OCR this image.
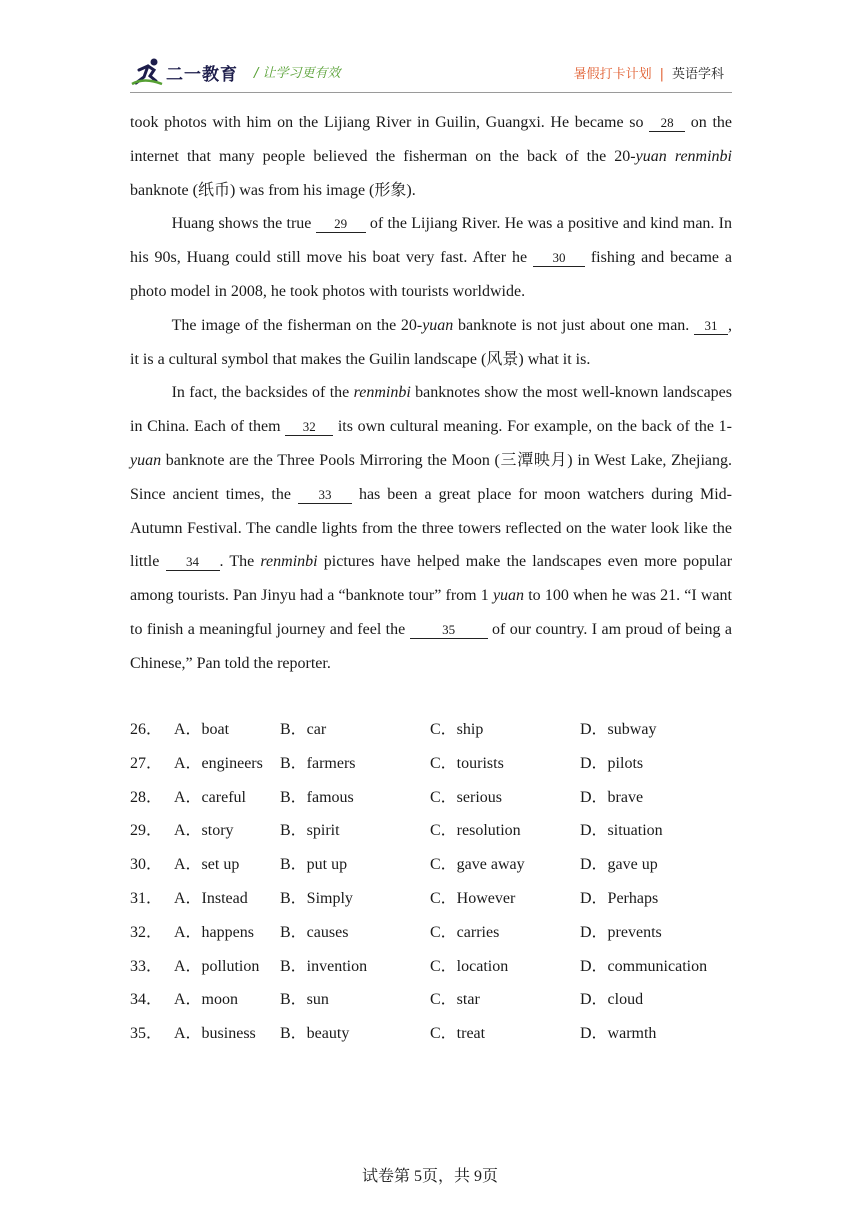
二一教育 / 让学习更有效	暑假打卡计划 | 英语学科

took photos with him on the Lijiang River in Guilin, Guangxi. He became so 28 on the internet that many people believed the fisherman on the back of the 20-yuan renminbi banknote (纸币) was from his image (形象).

Huang shows the true 29 of the Lijiang River. He was a positive and kind man. In his 90s, Huang could still move his boat very fast. After he 30 fishing and became a photo model in 2008, he took photos with tourists worldwide.

The image of the fisherman on the 20-yuan banknote is not just about one man. 31 , it is a cultural symbol that makes the Guilin landscape (风景) what it is.

In fact, the backsides of the renminbi banknotes show the most well-known landscapes in China. Each of them 32 its own cultural meaning. For example, on the back of the 1-yuan banknote are the Three Pools Mirroring the Moon (三潭映月) in West Lake, Zhejiang. Since ancient times, the 33 has been a great place for moon watchers during Mid-Autumn Festival. The candle lights from the three towers reflected on the water look like the little 34 . The renminbi pictures have helped make the landscapes even more popular among tourists. Pan Jinyu had a “banknote tour” from 1 yuan to 100 when he was 21. “I want to finish a meaningful journey and feel the	35 of our country. I am proud of being a Chinese,” Pan told the reporter.

26． A．boat	B．car	C．ship	D．subway
27． A．engineers B．farmers	C．tourists	D．pilots
28． A．careful B．famous	C．serious	D．brave
29． A．story	B．spirit	C．resolution	D．situation
30． A．set up	B．put up	C．gave away	D．gave up
31． A．Instead B．Simply	C．However	D．Perhaps
32． A．happens B．causes	C．carries	D．prevents
33． A．pollution B．invention	C．location	D．communication
34． A．moon	B．sun	C．star	D．cloud
35． A．business B．beauty	C．treat	D．warmth
试卷第 5页，共 9页
